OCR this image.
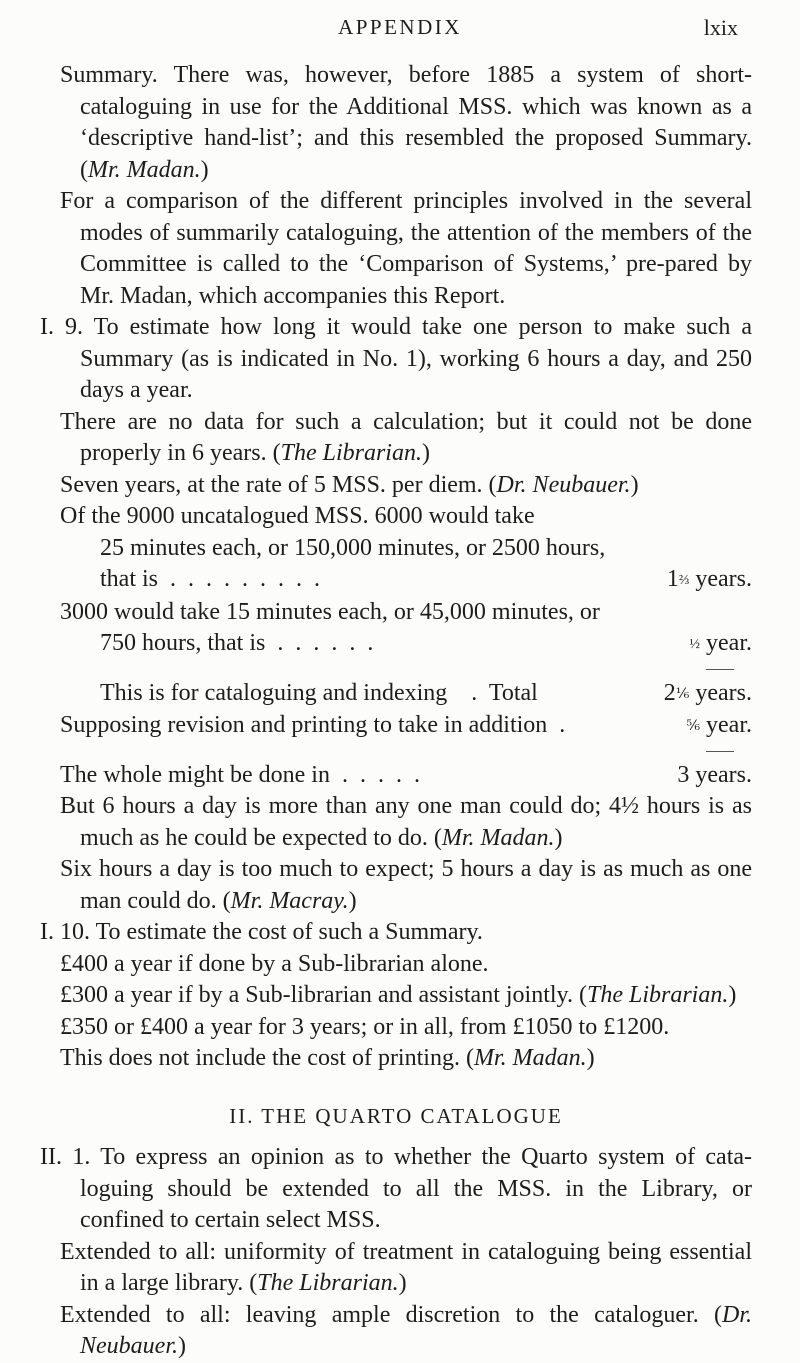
APPENDIX	lxix
Summary. There was, however, before 1885 a system of short-cataloguing in use for the Additional MSS. which was known as a ‘descriptive hand-list’; and this resembled the proposed Summary. (Mr. Madan.)
For a comparison of the different principles involved in the several modes of summarily cataloguing, the attention of the members of the Committee is called to the ‘Comparison of Systems,’ pre-pared by Mr. Madan, which accompanies this Report.
I. 9. To estimate how long it would take one person to make such a Summary (as is indicated in No. 1), working 6 hours a day, and 250 days a year.
There are no data for such a calculation; but it could not be done properly in 6 years. (The Librarian.)
Seven years, at the rate of 5 MSS. per diem. (Dr. Neubauer.)
Of the 9000 uncatalogued MSS. 6000 would take
25 minutes each, or 150,000 minutes, or 2500 hours,
that is  .  .  .  .  .  .  .  .  .	1⅔ years.
3000 would take 15 minutes each, or 45,000 minutes, or
750 hours, that is  .  .  .  .  .  .	½ year.
This is for cataloguing and indexing    .  Total	2⅙ years.
Supposing revision and printing to take in addition  .	⅚ year.
The whole might be done in  .  .  .  .  .	3 years.
But 6 hours a day is more than any one man could do; 4½ hours is as much as he could be expected to do. (Mr. Madan.)
Six hours a day is too much to expect; 5 hours a day is as much as one man could do. (Mr. Macray.)
I. 10. To estimate the cost of such a Summary.
£400 a year if done by a Sub-librarian alone.
£300 a year if by a Sub-librarian and assistant jointly. (The Librarian.)
£350 or £400 a year for 3 years; or in all, from £1050 to £1200.
This does not include the cost of printing. (Mr. Madan.)
II. THE QUARTO CATALOGUE
II. 1. To express an opinion as to whether the Quarto system of cata-loguing should be extended to all the MSS. in the Library, or confined to certain select MSS.
Extended to all: uniformity of treatment in cataloguing being essential in a large library. (The Librarian.)
Extended to all: leaving ample discretion to the cataloguer. (Dr. Neubauer.)
